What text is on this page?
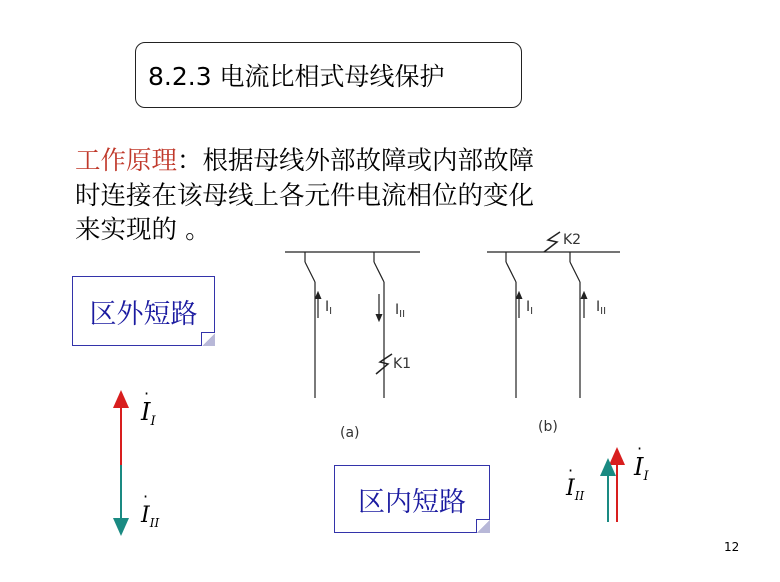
8.2.3 电流比相式母线保护
工作原理：根据母线外部故障或内部故障
时连接在该母线上各元件电流相位的变化
来实现的 。
区外短路
区内短路
$I_I$	$I_{II}$
K1
(a)
$I_I$	$I_{II}$
K2
(b)
$I_I$
·
$I_{II}$
·
$I_I$
·
$I_{II}$
·
12
